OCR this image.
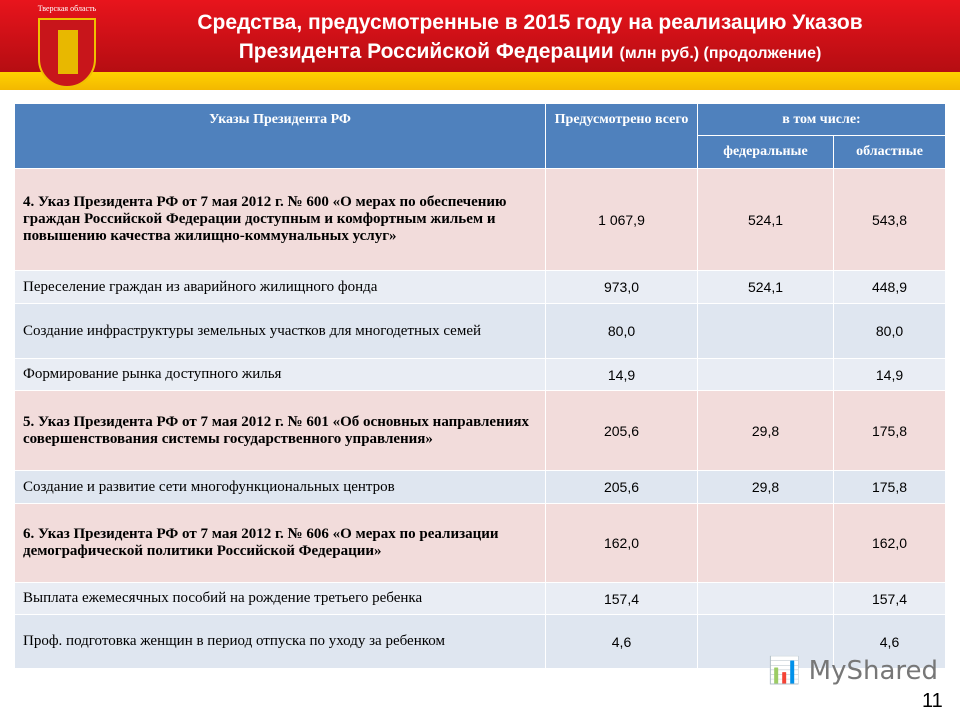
Тверская область
Средства, предусмотренные в 2015 году на реализацию Указов
Президента Российской Федерации (млн руб.) (продолжение)
Указы Президента РФ	Предусмотрено всего	в том числе:	
		федеральные	областные
4. Указ Президента РФ от 7 мая 2012 г. № 600 «О мерах по обеспечению граждан Российской Федерации доступным и комфортным жильем и повышению качества жилищно-коммунальных услуг»	1 067,9	524,1	543,8
Переселение граждан из аварийного жилищного фонда	973,0	524,1	448,9
Создание инфраструктуры земельных участков для многодетных семей	80,0		80,0
Формирование рынка доступного жилья	14,9		14,9
5. Указ Президента РФ от 7 мая 2012 г. № 601 «Об основных направлениях совершенствования системы государственного управления»	205,6	29,8	175,8
Создание и развитие сети многофункциональных центров	205,6	29,8	175,8
6. Указ Президента РФ от 7 мая 2012 г. № 606 «О мерах по реализации демографической политики Российской Федерации»	162,0		162,0
Выплата ежемесячных пособий на рождение третьего ребенка	157,4		157,4
Проф. подготовка женщин в период отпуска по уходу за ребенком	4,6		4,6
📊 MyShared
11
